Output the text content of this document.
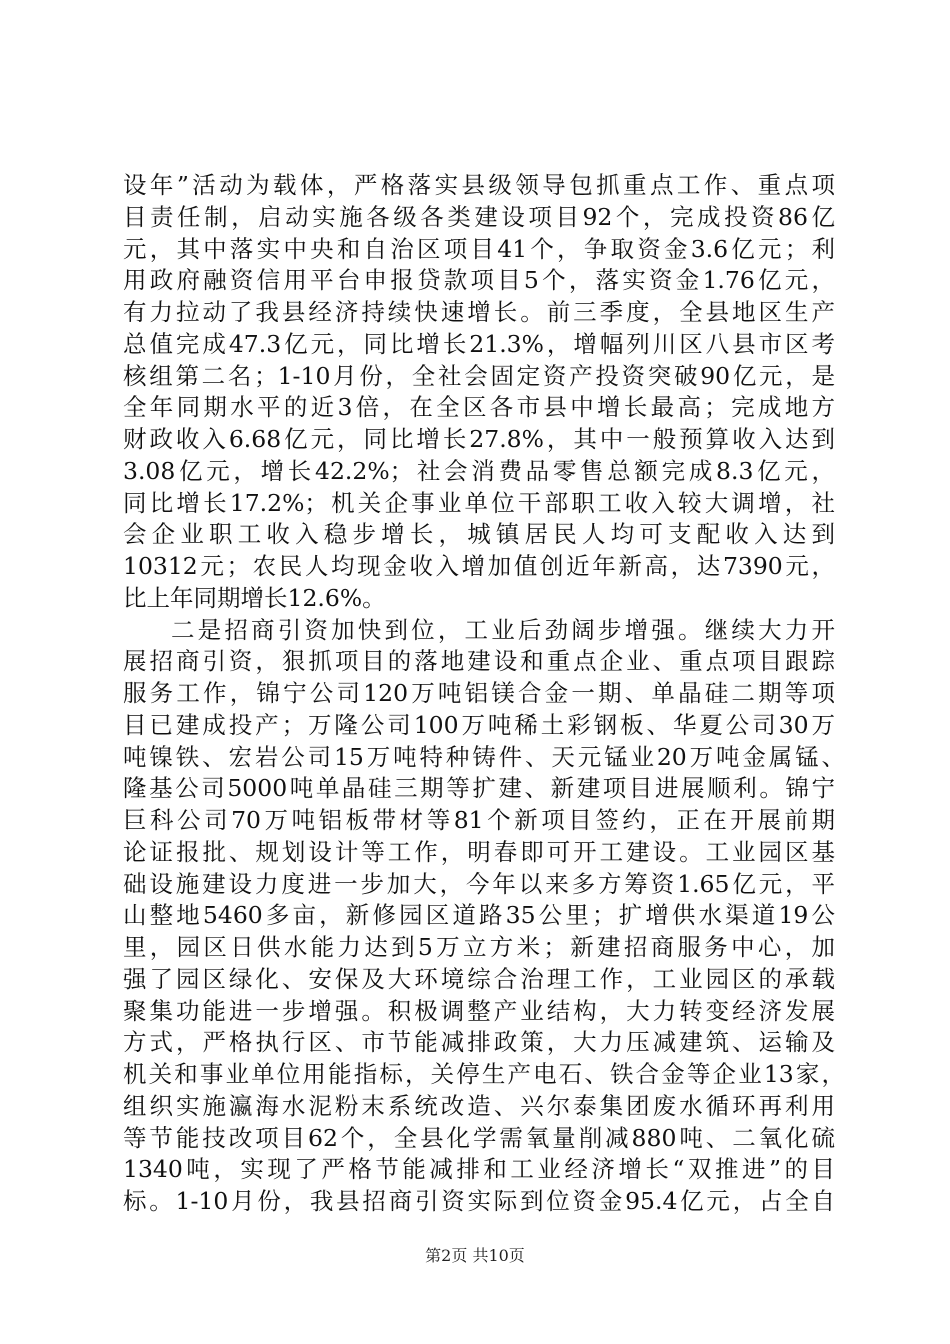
设年”活动为载体，严格落实县级领导包抓重点工作、重点项
目责任制，启动实施各级各类建设项目92个，完成投资86亿
元，其中落实中央和自治区项目41个，争取资金3.6亿元；利
用政府融资信用平台申报贷款项目5个，落实资金1.76亿元，
有力拉动了我县经济持续快速增长。前三季度，全县地区生产
总值完成47.3亿元，同比增长21.3%，增幅列川区八县市区考
核组第二名；1-10月份，全社会固定资产投资突破90亿元，是
全年同期水平的近3倍，在全区各市县中增长最高；完成地方
财政收入6.68亿元，同比增长27.8%，其中一般预算收入达到
3.08亿元，增长42.2%；社会消费品零售总额完成8.3亿元，
同比增长17.2%；机关企事业单位干部职工收入较大调增，社
会企业职工收入稳步增长，城镇居民人均可支配收入达到
10312元；农民人均现金收入增加值创近年新高，达7390元，
比上年同期增长12.6%。
二是招商引资加快到位，工业后劲阔步增强。继续大力开
展招商引资，狠抓项目的落地建设和重点企业、重点项目跟踪
服务工作，锦宁公司120万吨铝镁合金一期、单晶硅二期等项
目已建成投产；万隆公司100万吨稀土彩钢板、华夏公司30万
吨镍铁、宏岩公司15万吨特种铸件、天元锰业20万吨金属锰、
隆基公司5000吨单晶硅三期等扩建、新建项目进展顺利。锦宁
巨科公司70万吨铝板带材等81个新项目签约，正在开展前期
论证报批、规划设计等工作，明春即可开工建设。工业园区基
础设施建设力度进一步加大，今年以来多方筹资1.65亿元，平
山整地5460多亩，新修园区道路35公里；扩增供水渠道19公
里，园区日供水能力达到5万立方米；新建招商服务中心，加
强了园区绿化、安保及大环境综合治理工作，工业园区的承载
聚集功能进一步增强。积极调整产业结构，大力转变经济发展
方式，严格执行区、市节能减排政策，大力压减建筑、运输及
机关和事业单位用能指标，关停生产电石、铁合金等企业13家，
组织实施瀛海水泥粉末系统改造、兴尔泰集团废水循环再利用
等节能技改项目62个，全县化学需氧量削减880吨、二氧化硫
1340吨，实现了严格节能减排和工业经济增长“双推进”的目
标。1-10月份，我县招商引资实际到位资金95.4亿元，占全自
第2页 共10页
